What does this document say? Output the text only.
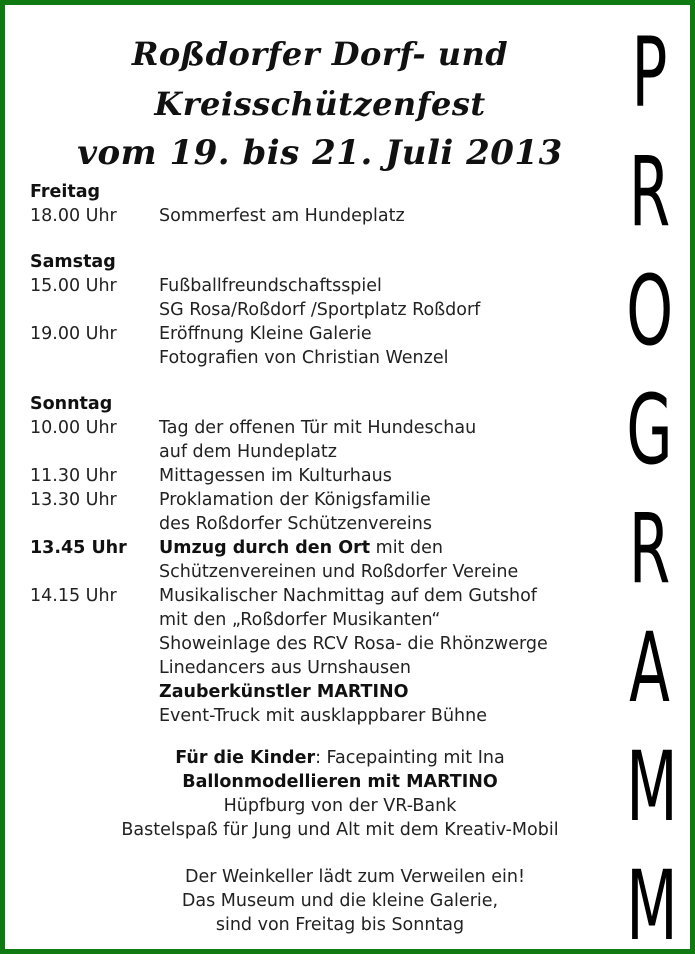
Roßdorfer Dorf- und
Kreisschützenfest
vom 19. bis 21. Juli 2013
Freitag
18.00 Uhr	Sommerfest am Hundeplatz
Samstag
15.00 Uhr	Fußballfreundschaftsspiel
SG Rosa/Roßdorf /Sportplatz Roßdorf
19.00 Uhr	Eröffnung Kleine Galerie
Fotografien von Christian Wenzel
Sonntag
10.00 Uhr	Tag der offenen Tür mit Hundeschau
auf dem Hundeplatz
11.30 Uhr	Mittagessen im Kulturhaus
13.30 Uhr	Proklamation der Königsfamilie
des Roßdorfer Schützenvereins
13.45 Uhr	Umzug durch den Ort mit den
Schützenvereinen und Roßdorfer Vereine
14.15 Uhr	Musikalischer Nachmittag auf dem Gutshof
mit den „Roßdorfer Musikanten“
Showeinlage des RCV Rosa- die Rhönzwerge
Linedancers aus Urnshausen
Zauberkünstler MARTINO
Event-Truck mit ausklappbarer Bühne
Für die Kinder: Facepainting mit Ina
Ballonmodellieren mit MARTINO
Hüpfburg von der VR-Bank
Bastelspaß für Jung und Alt mit dem Kreativ-Mobil
Der Weinkeller lädt zum Verweilen ein!
Das Museum und die kleine Galerie,
sind von Freitag bis Sonntag
P
R
O
G
R
A
M
M
